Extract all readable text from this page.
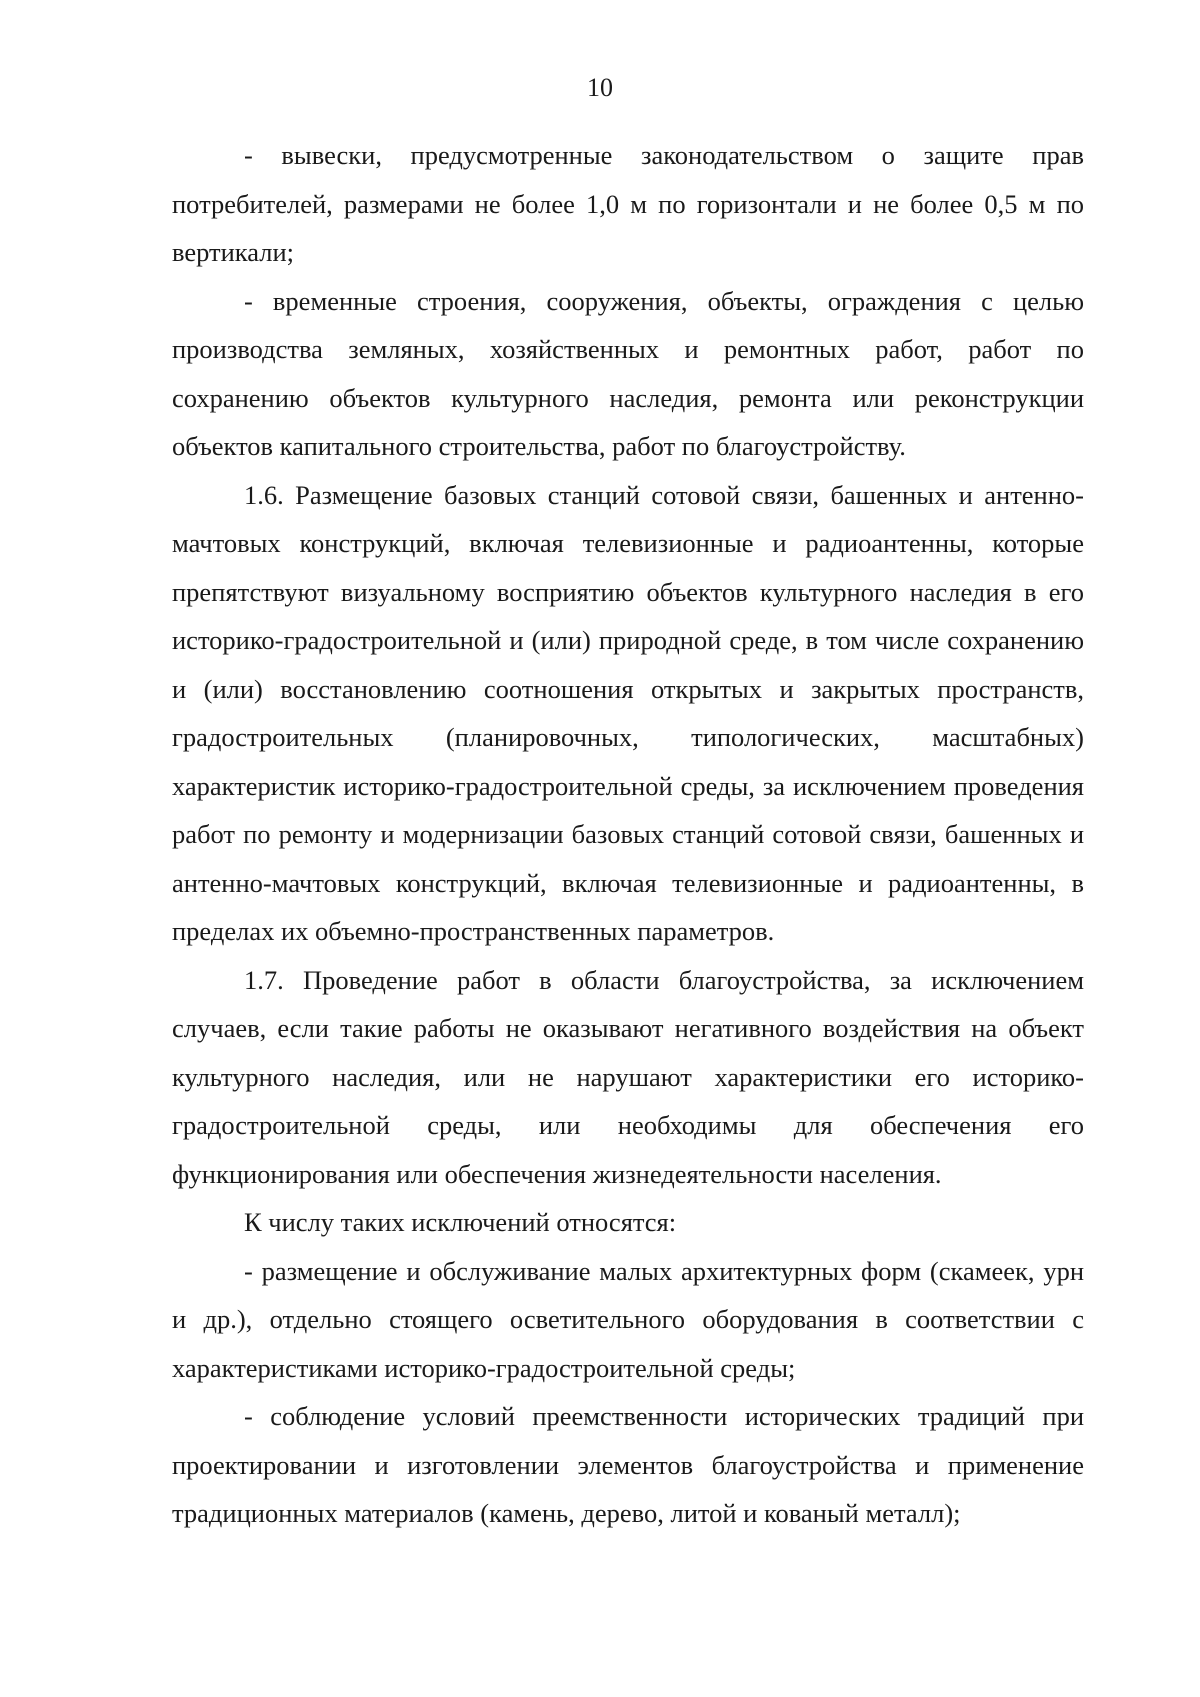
10

- вывески, предусмотренные законодательством о защите прав потребителей, размерами не более 1,0 м по горизонтали и не более 0,5 м по вертикали;

- временные строения, сооружения, объекты, ограждения с целью производства земляных, хозяйственных и ремонтных работ, работ по сохранению объектов культурного наследия, ремонта или реконструкции объектов капитального строительства, работ по благоустройству.

1.6. Размещение базовых станций сотовой связи, башенных и антенно-мачтовых конструкций, включая телевизионные и радиоантенны, которые препятствуют визуальному восприятию объектов культурного наследия в его историко-градостроительной и (или) природной среде, в том числе сохранению и (или) восстановлению соотношения открытых и закрытых пространств, градостроительных (планировочных, типологических, масштабных) характеристик историко-градостроительной среды, за исключением проведения работ по ремонту и модернизации базовых станций сотовой связи, башенных и антенно-мачтовых конструкций, включая телевизионные и радиоантенны, в пределах их объемно-пространственных параметров.

1.7. Проведение работ в области благоустройства, за исключением случаев, если такие работы не оказывают негативного воздействия на объект культурного наследия, или не нарушают характеристики его историко-градостроительной среды, или необходимы для обеспечения его функционирования или обеспечения жизнедеятельности населения.

К числу таких исключений относятся:

- размещение и обслуживание малых архитектурных форм (скамеек, урн и др.), отдельно стоящего осветительного оборудования в соответствии с характеристиками историко-градостроительной среды;

- соблюдение условий преемственности исторических традиций при проектировании и изготовлении элементов благоустройства и применение традиционных материалов (камень, дерево, литой и кованый металл);
